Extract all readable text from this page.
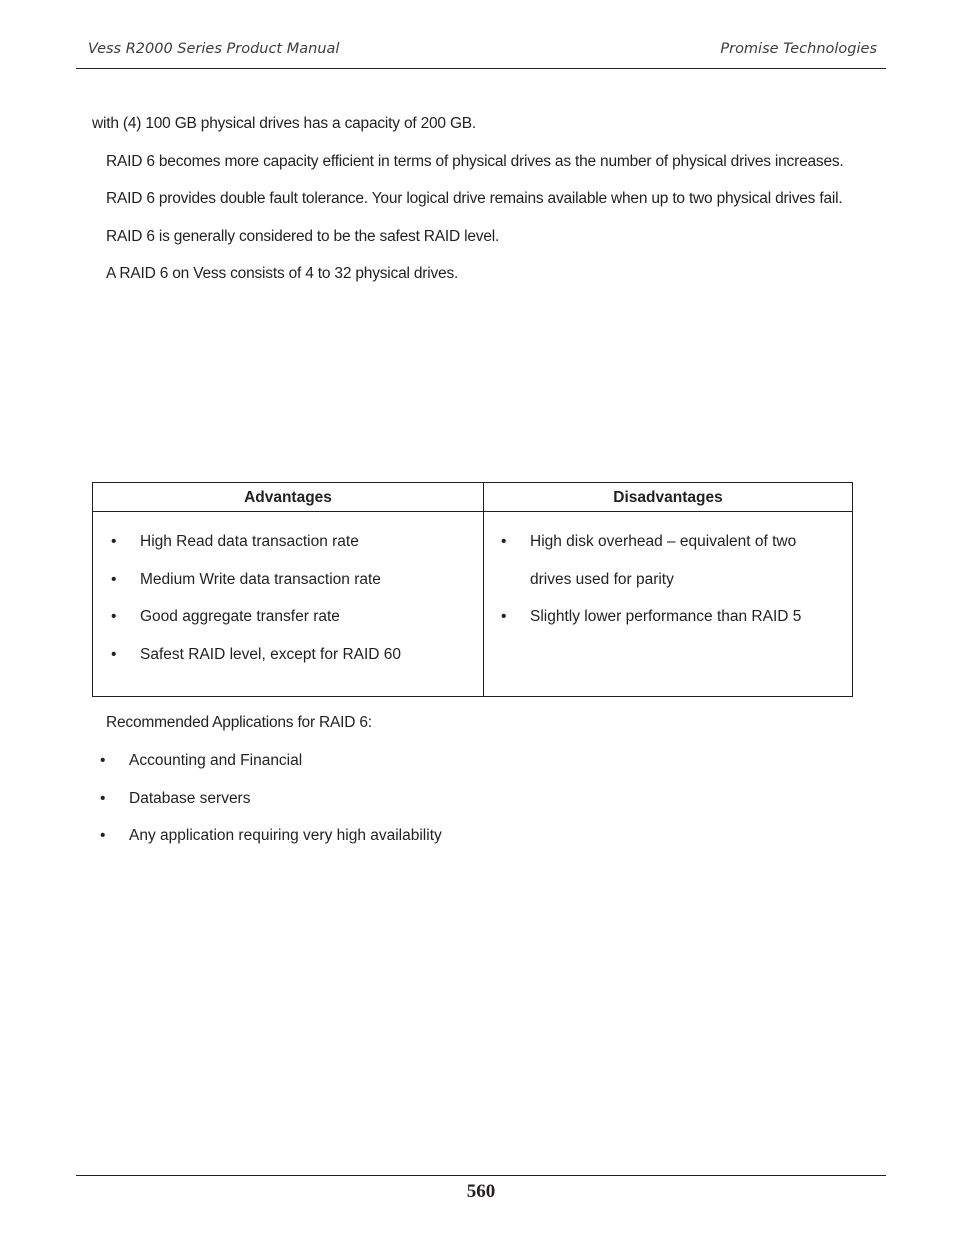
Vess R2000 Series Product Manual	Promise Technologies
with (4) 100 GB physical drives has a capacity of 200 GB.
RAID 6 becomes more capacity efficient in terms of physical drives as the number of physical drives increases.
RAID 6 provides double fault tolerance. Your logical drive remains available when up to two physical drives fail.
RAID 6 is generally considered to be the safest RAID level.
A RAID 6 on Vess consists of 4 to 32 physical drives.
Advantages	Disadvantages
• High Read data transaction rate
• Medium Write data transaction rate
• Good aggregate transfer rate
• Safest RAID level, except for RAID 60
• High disk overhead – equivalent of two drives used for parity
• Slightly lower performance than RAID 5
Recommended Applications for RAID 6:
• Accounting and Financial
• Database servers
• Any application requiring very high availability
560
